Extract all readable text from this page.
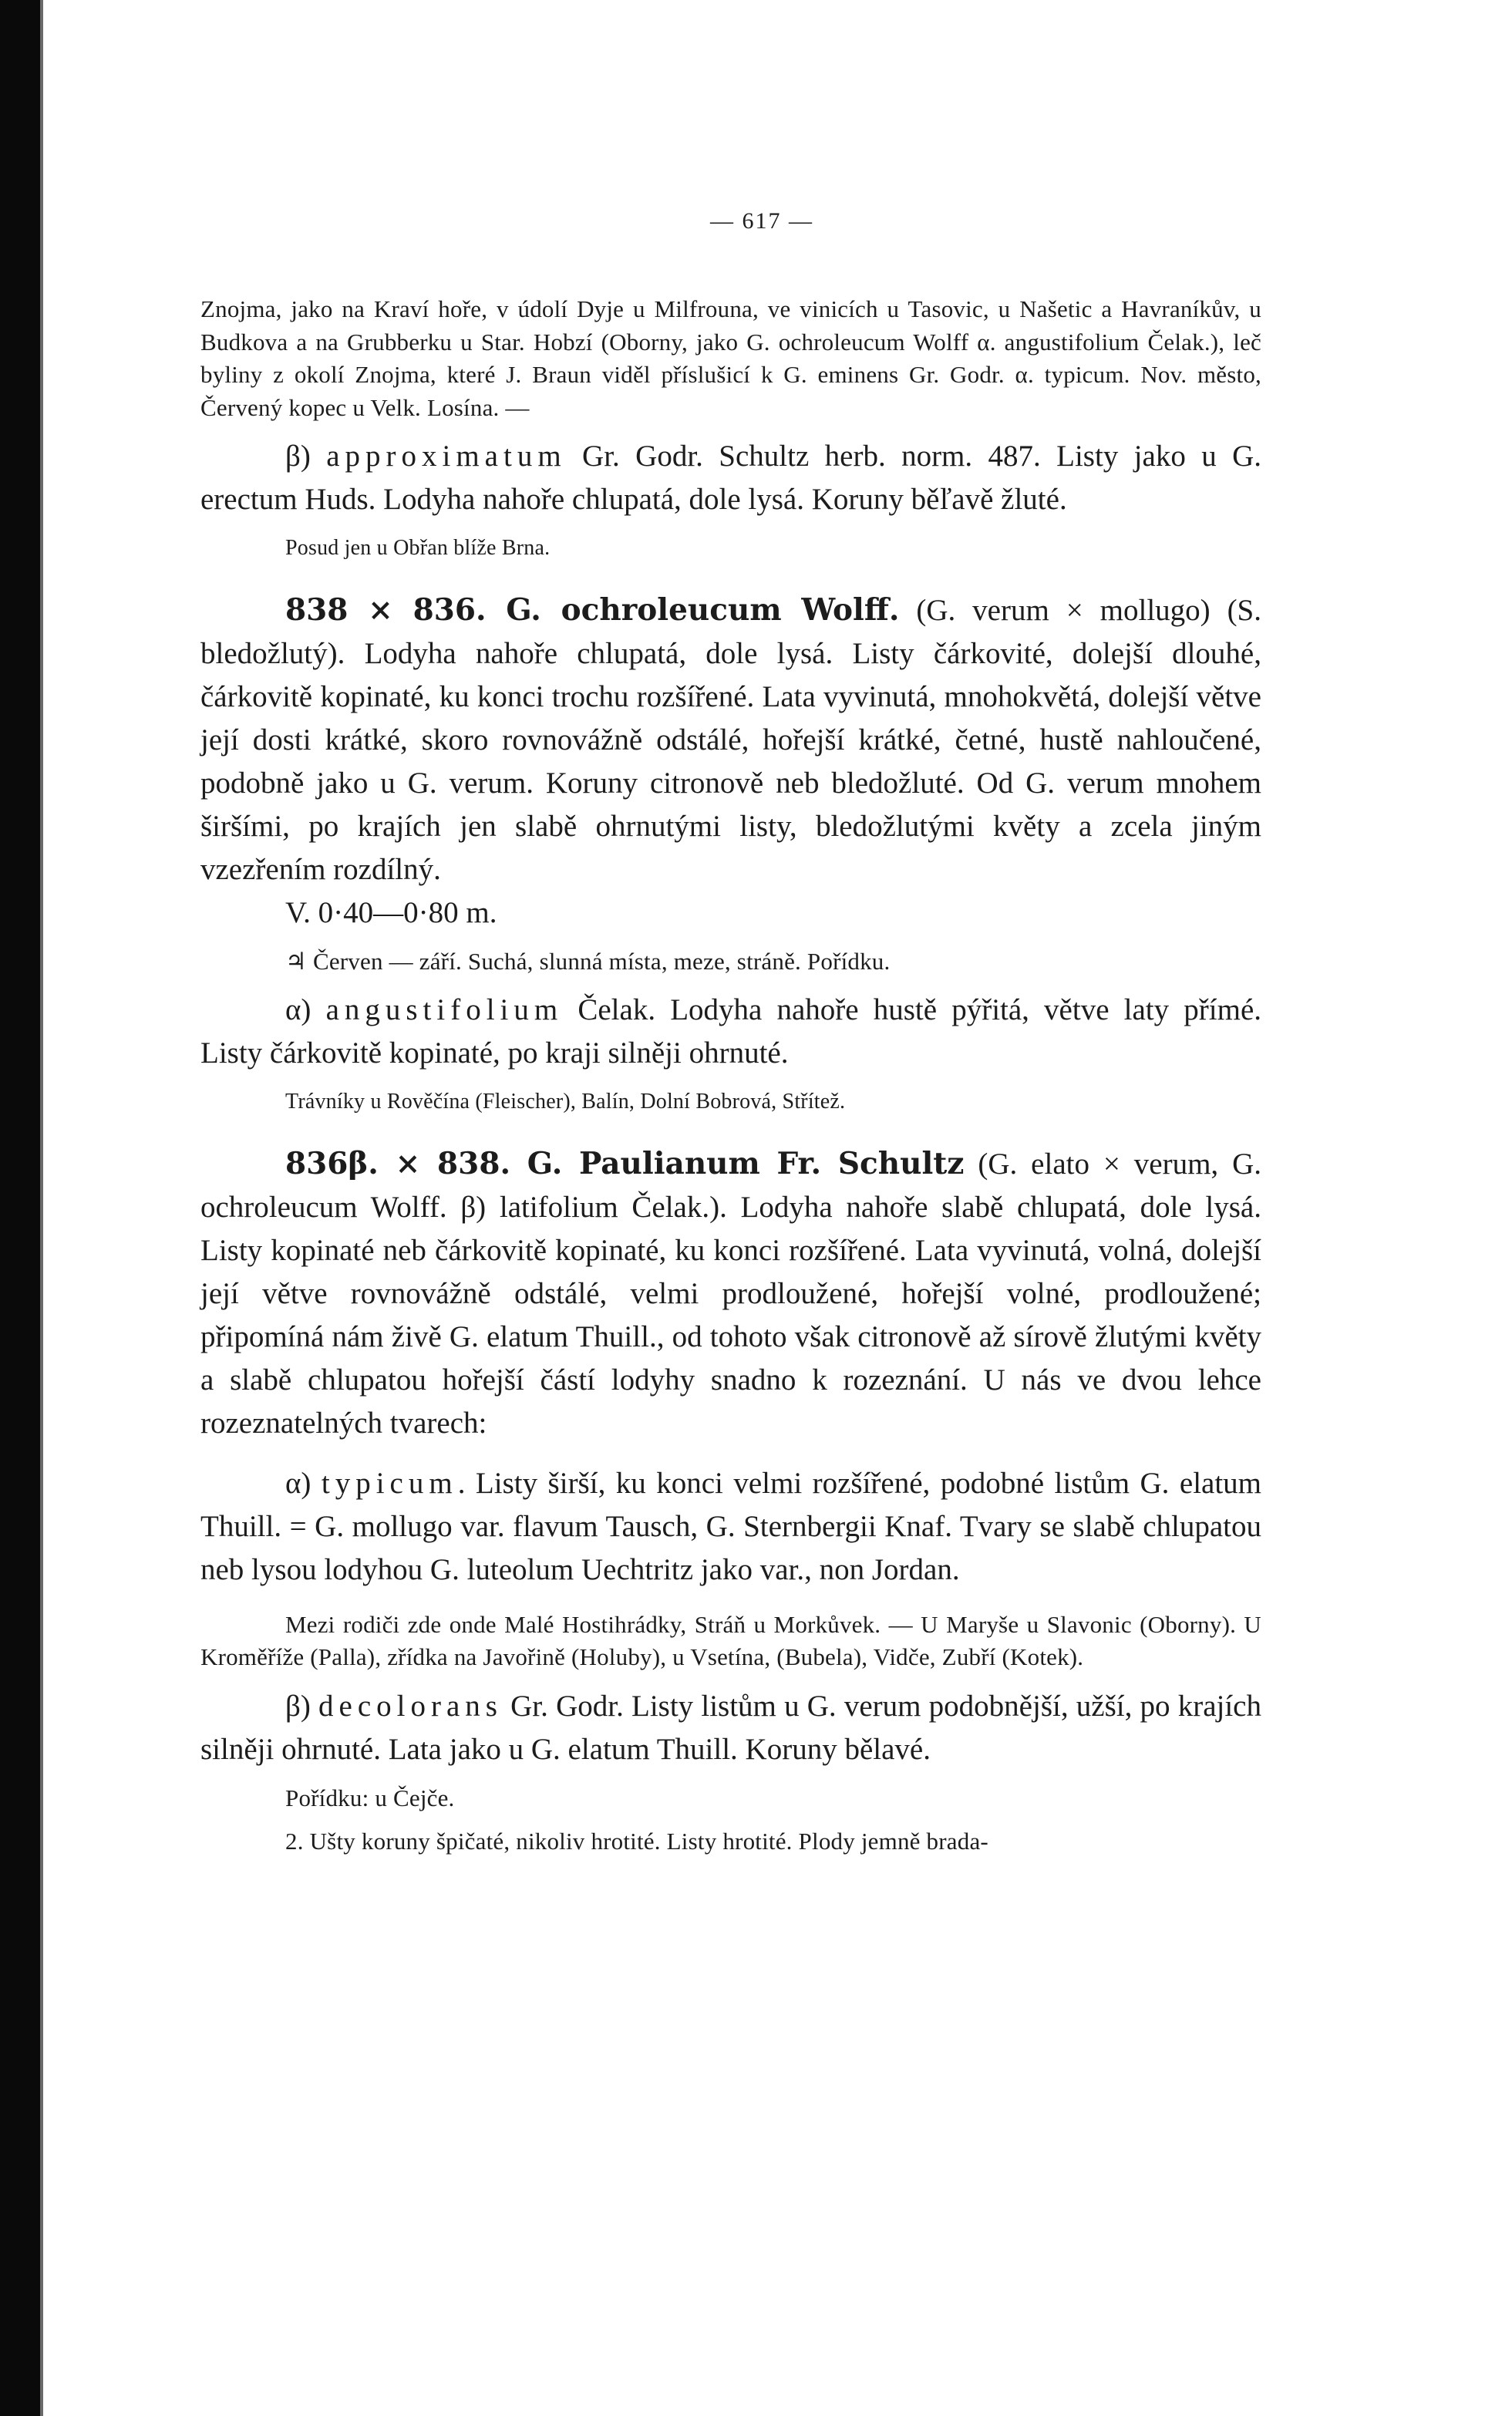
— 617 —

Znojma, jako na Kraví hoře, v údolí Dyje u Milfrouna, ve vinicích u Tasovic, u Našetic a Havraníkův, u Budkova a na Grubberku u Star. Hobzí (Oborny, jako G. ochroleucum Wolff α. angustifolium Čelak.), leč byliny z okolí Znojma, které J. Braun viděl příslušicí k G. eminens Gr. Godr. α. typicum. Nov. město, Červený kopec u Velk. Losína. —

β) approximatum Gr. Godr. Schultz herb. norm. 487. Listy jako u G. erectum Huds. Lodyha nahoře chlupatá, dole lysá. Koruny běľavě žluté.

Posud jen u Obřan blíže Brna.

838 × 836. G. ochroleucum Wolff. (G. verum × mollugo) (S. bledožlutý). Lodyha nahoře chlupatá, dole lysá. Listy čárkovité, dolejší dlouhé, čárkovitě kopinaté, ku konci trochu rozšířené. Lata vyvinutá, mnohokvětá, dolejší větve její dosti krátké, skoro rovnovážně odstálé, hořejší krátké, četné, hustě nahloučené, podobně jako u G. verum. Koruny citronově neb bledožluté. Od G. verum mnohem širšími, po krajích jen slabě ohrnutými listy, bledožlutými květy a zcela jiným vzezřením rozdílný.

V. 0·40—0·80 m.

♃ Červen — září. Suchá, slunná místa, meze, stráně. Pořídku.

α) angustifolium Čelak. Lodyha nahoře hustě pýřitá, větve laty přímé. Listy čárkovitě kopinaté, po kraji silněji ohrnuté.

Trávníky u Rověčína (Fleischer), Balín, Dolní Bobrová, Střítež.

836β. × 838. G. Paulianum Fr. Schultz (G. elato × verum, G. ochroleucum Wolff. β) latifolium Čelak.). Lodyha nahoře slabě chlupatá, dole lysá. Listy kopinaté neb čárkovitě kopinaté, ku konci rozšířené. Lata vyvinutá, volná, dolejší její větve rovnovážně odstálé, velmi prodloužené, hořejší volné, prodloužené; připomíná nám živě G. elatum Thuill., od tohoto však citronově až sírově žlutými květy a slabě chlupatou hořejší částí lodyhy snadno k rozeznání. U nás ve dvou lehce rozeznatelných tvarech:

α) typicum. Listy širší, ku konci velmi rozšířené, podobné listům G. elatum Thuill. = G. mollugo var. flavum Tausch, G. Sternbergii Knaf. Tvary se slabě chlupatou neb lysou lodyhou G. luteolum Uechtritz jako var., non Jordan.

Mezi rodiči zde onde Malé Hostihrádky, Stráň u Morkůvek. — U Maryše u Slavonic (Oborny). U Kroměříže (Palla), zřídka na Javořině (Holuby), u Vsetína, (Bubela), Vidče, Zubří (Kotek).

β) decolorans Gr. Godr. Listy listům u G. verum podobnější, užší, po krajích silněji ohrnuté. Lata jako u G. elatum Thuill. Koruny bělavé.

Pořídku: u Čejče.

2. Ušty koruny špičaté, nikoliv hrotité. Listy hrotité. Plody jemně brada-
